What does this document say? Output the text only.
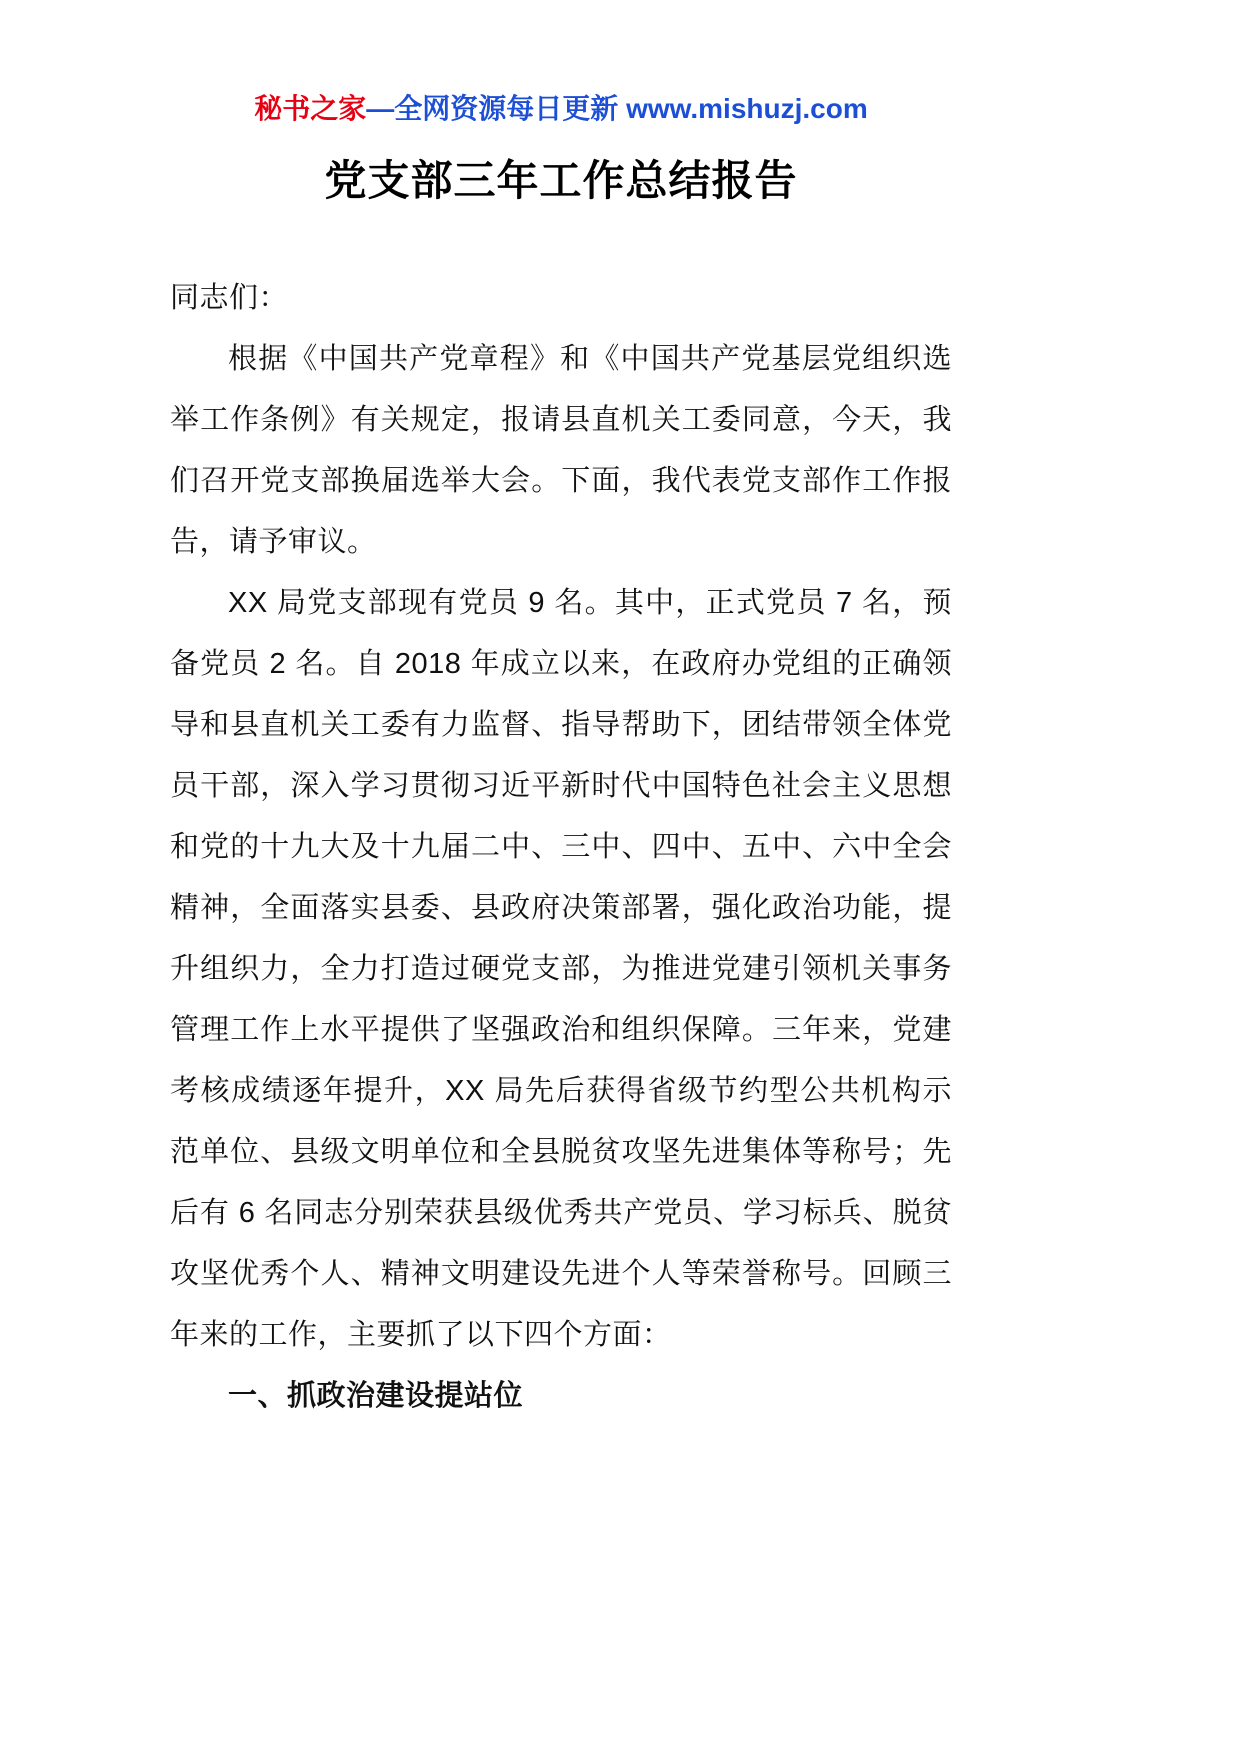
秘书之家—全网资源每日更新 www.mishuzj.com
党支部三年工作总结报告

同志们：

根据《中国共产党章程》和《中国共产党基层党组织选举工作条例》有关规定，报请县直机关工委同意，今天，我们召开党支部换届选举大会。下面，我代表党支部作工作报告，请予审议。

XX 局党支部现有党员 9 名。其中，正式党员 7 名，预备党员 2 名。自 2018 年成立以来，在政府办党组的正确领导和县直机关工委有力监督、指导帮助下，团结带领全体党员干部，深入学习贯彻习近平新时代中国特色社会主义思想和党的十九大及十九届二中、三中、四中、五中、六中全会精神，全面落实县委、县政府决策部署，强化政治功能，提升组织力，全力打造过硬党支部，为推进党建引领机关事务管理工作上水平提供了坚强政治和组织保障。三年来，党建考核成绩逐年提升，XX 局先后获得省级节约型公共机构示范单位、县级文明单位和全县脱贫攻坚先进集体等称号；先后有 6 名同志分别荣获县级优秀共产党员、学习标兵、脱贫攻坚优秀个人、精神文明建设先进个人等荣誉称号。回顾三年来的工作，主要抓了以下四个方面：

一、抓政治建设提站位
